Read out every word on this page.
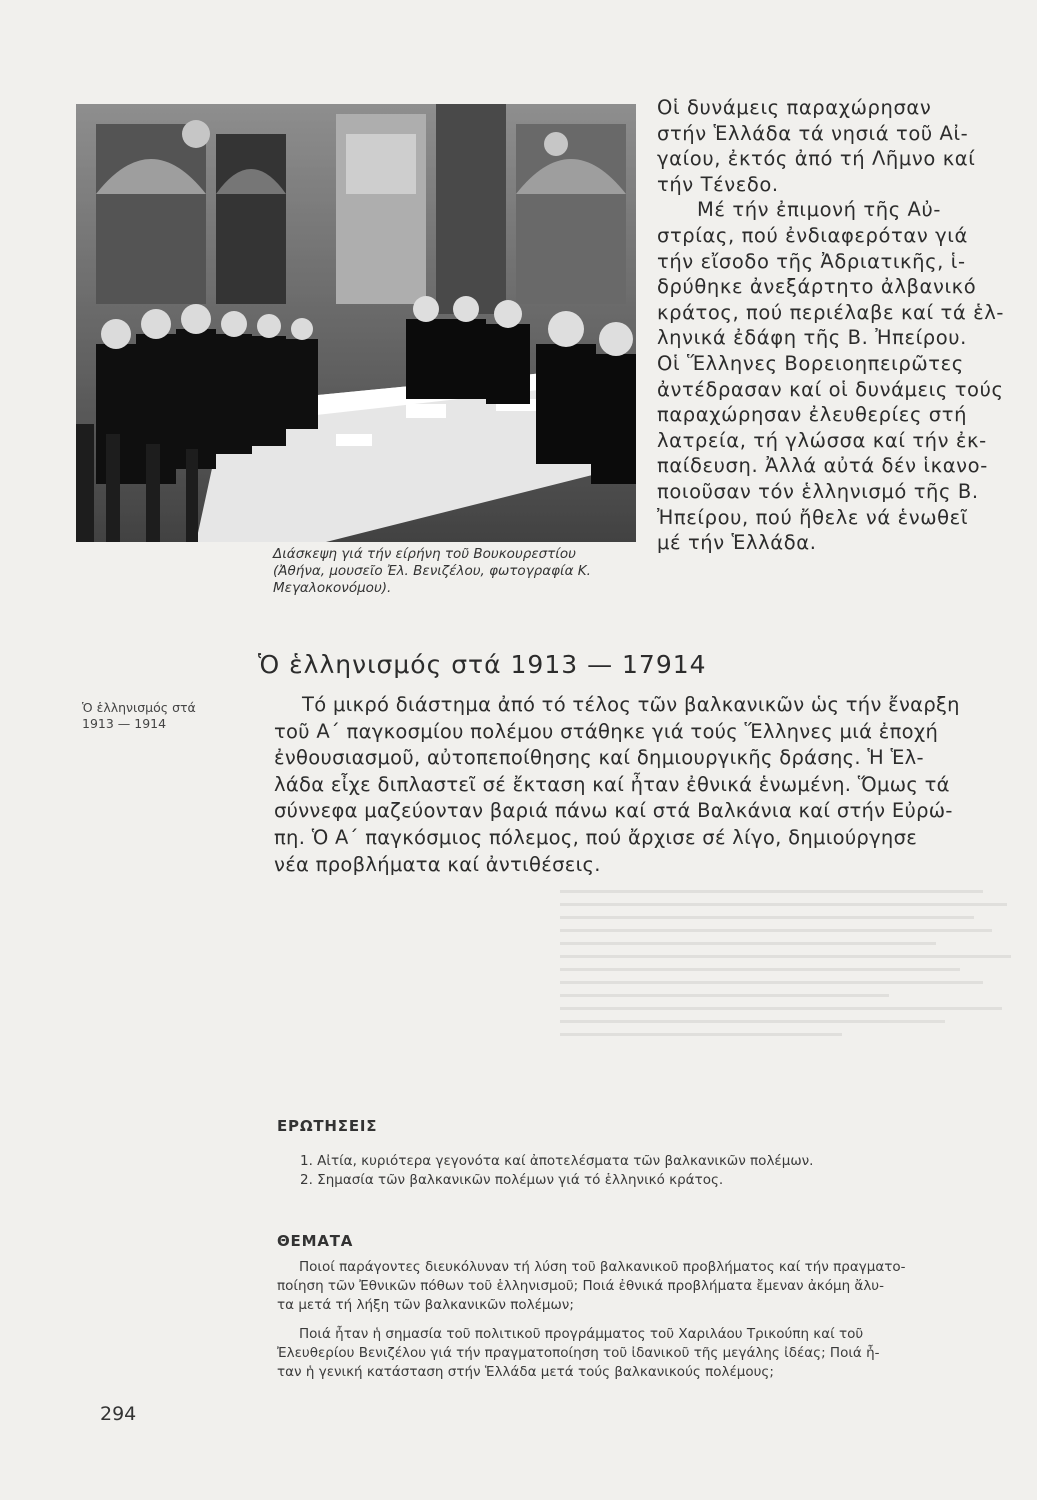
Διάσκεψη γιά τήν είρήνη τοῦ Βουκουρεστίου
(Ἀθήνα, μουσεῖο Ἐλ. Βενιζέλου, φωτογραφία Κ.
Μεγαλοκονόμου).
Οἱ δυνάμεις παραχώρησαν
στήν Ἑλλάδα τά νησιά τοῦ Αἰ-
γαίου, ἐκτός ἀπό τή Λῆμνο καί
τήν Τένεδο.
Μέ τήν ἐπιμονή τῆς Αὐ-
στρίας, πού ἐνδιαφερόταν γιά
τήν εἴσοδο τῆς Ἀδριατικῆς, ἱ-
δρύθηκε ἀνεξάρτητο ἀλβανικό
κράτος, πού περιέλαβε καί τά ἑλ-
ληνικά ἐδάφη τῆς Β. Ἠπείρου.
Οἱ Ἕλληνες Βορειοηπειρῶτες
ἀντέδρασαν καί οἱ δυνάμεις τούς
παραχώρησαν ἐλευθερίες στή
λατρεία, τή γλώσσα καί τήν ἐκ-
παίδευση. Ἀλλά αὐτά δέν ἱκανο-
ποιοῦσαν τόν ἑλληνισμό τῆς Β.
Ἠπείρου, πού ἤθελε νά ἑνωθεῖ
μέ τήν Ἑλλάδα.
Ὁ ἑλληνισμός στά 1913 — 17914
Ὁ ἑλληνισμός στά
1913 — 1914
Τό μικρό διάστημα ἀπό τό τέλος τῶν βαλκανικῶν ὡς τήν ἔναρξη
τοῦ Α΄ παγκοσμίου πολέμου στάθηκε γιά τούς Ἕλληνες μιά ἐποχή
ἐνθουσιασμοῦ, αὐτοπεποίθησης καί δημιουργικῆς δράσης. Ἡ Ἑλ-
λάδα εἶχε διπλαστεῖ σέ ἔκταση καί ἦταν ἐθνικά ἑνωμένη. Ὅμως τά
σύννεφα μαζεύονταν βαριά πάνω καί στά Βαλκάνια καί στήν Εὐρώ-
πη. Ὁ Α΄ παγκόσμιος πόλεμος, πού ἄρχισε σέ λίγο, δημιούργησε
νέα προβλήματα καί ἀντιθέσεις.
ΕΡΩΤΗΣΕΙΣ
1. Αἰτία, κυριότερα γεγονότα καί ἀποτελέσματα τῶν βαλκανικῶν πολέμων.
2. Σημασία τῶν βαλκανικῶν πολέμων γιά τό ἑλληνικό κράτος.
ΘΕΜΑΤΑ
Ποιοί παράγοντες διευκόλυναν τή λύση τοῦ βαλκανικοῦ προβλήματος καί τήν πραγματο-
ποίηση τῶν Ἐθνικῶν πόθων τοῦ ἑλληνισμοῦ; Ποιά ἐθνικά προβλήματα ἔμεναν ἀκόμη ἄλυ-
τα μετά τή λήξη τῶν βαλκανικῶν πολέμων;
Ποιά ἦταν ἡ σημασία τοῦ πολιτικοῦ προγράμματος τοῦ Χαριλάου Τρικούπη καί τοῦ
Ἐλευθερίου Βενιζέλου γιά τήν πραγματοποίηση τοῦ ἰδανικοῦ τῆς μεγάλης ἰδέας; Ποιά ἦ-
ταν ἡ γενική κατάσταση στήν Ἑλλάδα μετά τούς βαλκανικούς πολέμους;
294
